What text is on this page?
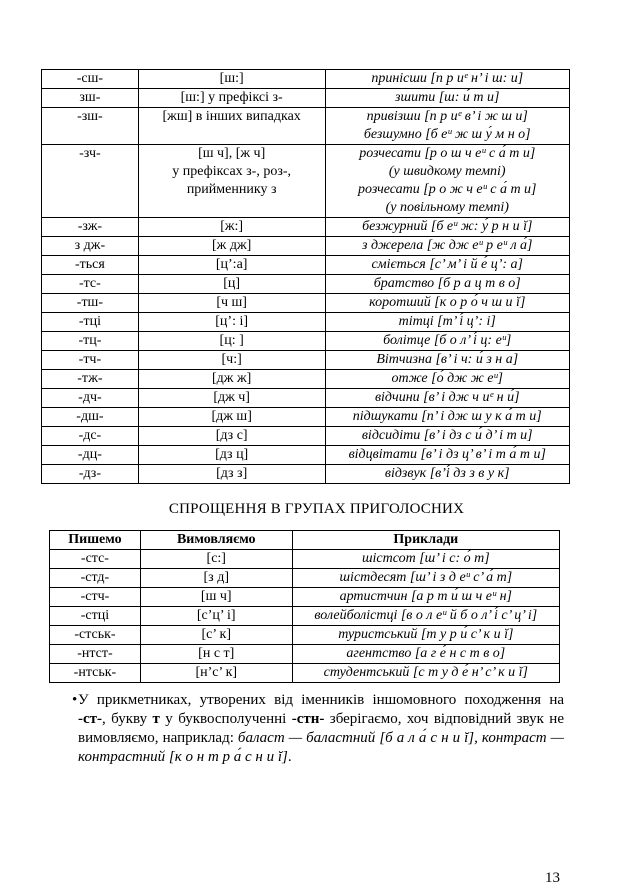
-сш-	[ш:]	принісши [п р иᵉ н’ і ш: и]
зш-	[ш:] у префіксі з-	зшити [ш: и́ т и]
-зш-	[жш] в інших випадках	привізши [п р иᵉ в’ і ж ш и]
безшумно [б еᵘ ж ш у́ м н о]
-зч-	[ш ч], [ж ч]
у префіксах з-, роз-,
прийменнику з	розчесати [р о ш ч еᵘ с а́ т и]
(у швидкому темпі)
розчесати [р о ж ч еᵘ с а́ т и]
(у повільному темпі)
-зж-	[ж:]	безжурний [б еᵘ ж: у́ р н и ĭ]
з дж-	[ж дж]	з джерела [ж дж еᵘ р еᵘ л а́]
-ться	[ц’:а]	сміється [с’ м’ і й е́ ц’: а]
-тс-	[ц]	братство [б р а ц т в о]
-тш-	[ч ш]	коротший [к о р о́ ч ш и ĭ]
-тці	[ц’: і]	тітці [т’ і́ ц’: і]
-тц-	[ц: ]	болітце [б о л’ і́ ц: еᵘ]
-тч-	[ч:]	Вітчизна [в’ і ч: и́ з н а]
-тж-	[дж ж]	отже [о́ дж ж еᵘ]
-дч-	[дж ч]	відчини [в’ і дж ч иᵉ н и́]
-дш-	[дж ш]	підшукати [п’ і дж ш у к а́ т и]
-дс-	[дз с]	відсидіти [в’ і дз с и́ д’ і т и]
-дц-	[дз ц]	відцвітати [в’ і дз ц’ в’ і т а́ т и]
-дз-	[дз з]	відзвук [в’і́ дз з в у к]
СПРОЩЕННЯ В ГРУПАХ ПРИГОЛОСНИХ
Пишемо	Вимовляємо	Приклади
-стс-	[с:]	шістсот [ш’ і с: о́ т]
-стд-	[з д]	шістдесят [ш’ і з д еᵘ с’ а́ т]
-стч-	[ш ч]	артистчин [а р т и́ ш ч еᵘ н]
-стці	[с’ц’ і]	волейболістці [в о л еᵘ й б о л’ і́ с’ ц’ і]
-стськ-	[с’ к]	туристський [т у р и́ с’ к и ĭ]
-нтст-	[н с т]	агентство [а г е́ н с т в о]
-нтськ-	[н’с’ к]	студентський [с т у д е́ н’ с’ к и ĭ]
• У прикметниках, утворених від іменників іншомовного походження на -ст-, букву т у буквосполученні -стн- зберігаємо, хоч відповідний звук не вимовляємо, наприклад: баласт — баластний [б а л а́ с н и ĭ], контраст — контрастний [к о н т р а́ с н и ĭ].
13
